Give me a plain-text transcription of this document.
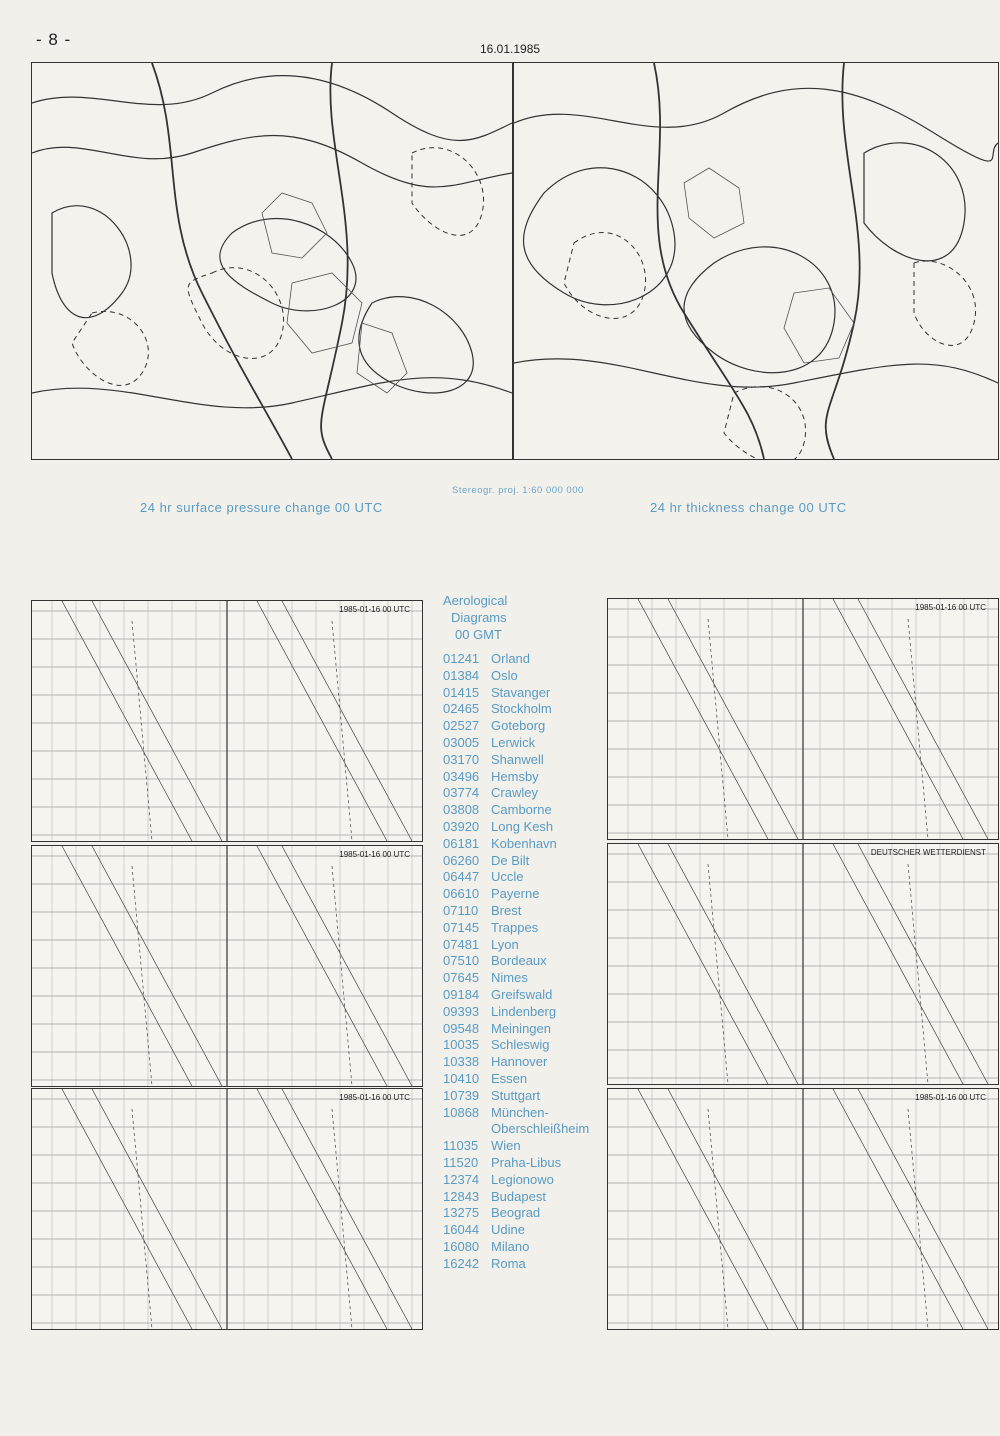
- 8 -	16.01.1985
Stereogr. proj. 1:60 000 000
24 hr surface pressure change 00 UTC	24 hr thickness change 00 UTC
1985-01-16 00 UTC
1985-01-16 00 UTC
1985-01-16 00 UTC
1985-01-16 00 UTC
DEUTSCHER WETTERDIENST
1985-01-16 00 UTC
Aerological
Diagrams
00 GMT
01241 Orland
01384 Oslo
01415 Stavanger
02465 Stockholm
02527 Goteborg
03005 Lerwick
03170 Shanwell
03496 Hemsby
03774 Crawley
03808 Camborne
03920 Long Kesh
06181 Kobenhavn
06260 De Bilt
06447 Uccle
06610 Payerne
07110 Brest
07145 Trappes
07481 Lyon
07510 Bordeaux
07645 Nimes
09184 Greifswald
09393 Lindenberg
09548 Meiningen
10035 Schleswig
10338 Hannover
10410 Essen
10739 Stuttgart
10868 München-
Oberschleißheim
11035 Wien
11520 Praha-Libus
12374 Legionowo
12843 Budapest
13275 Beograd
16044 Udine
16080 Milano
16242 Roma
